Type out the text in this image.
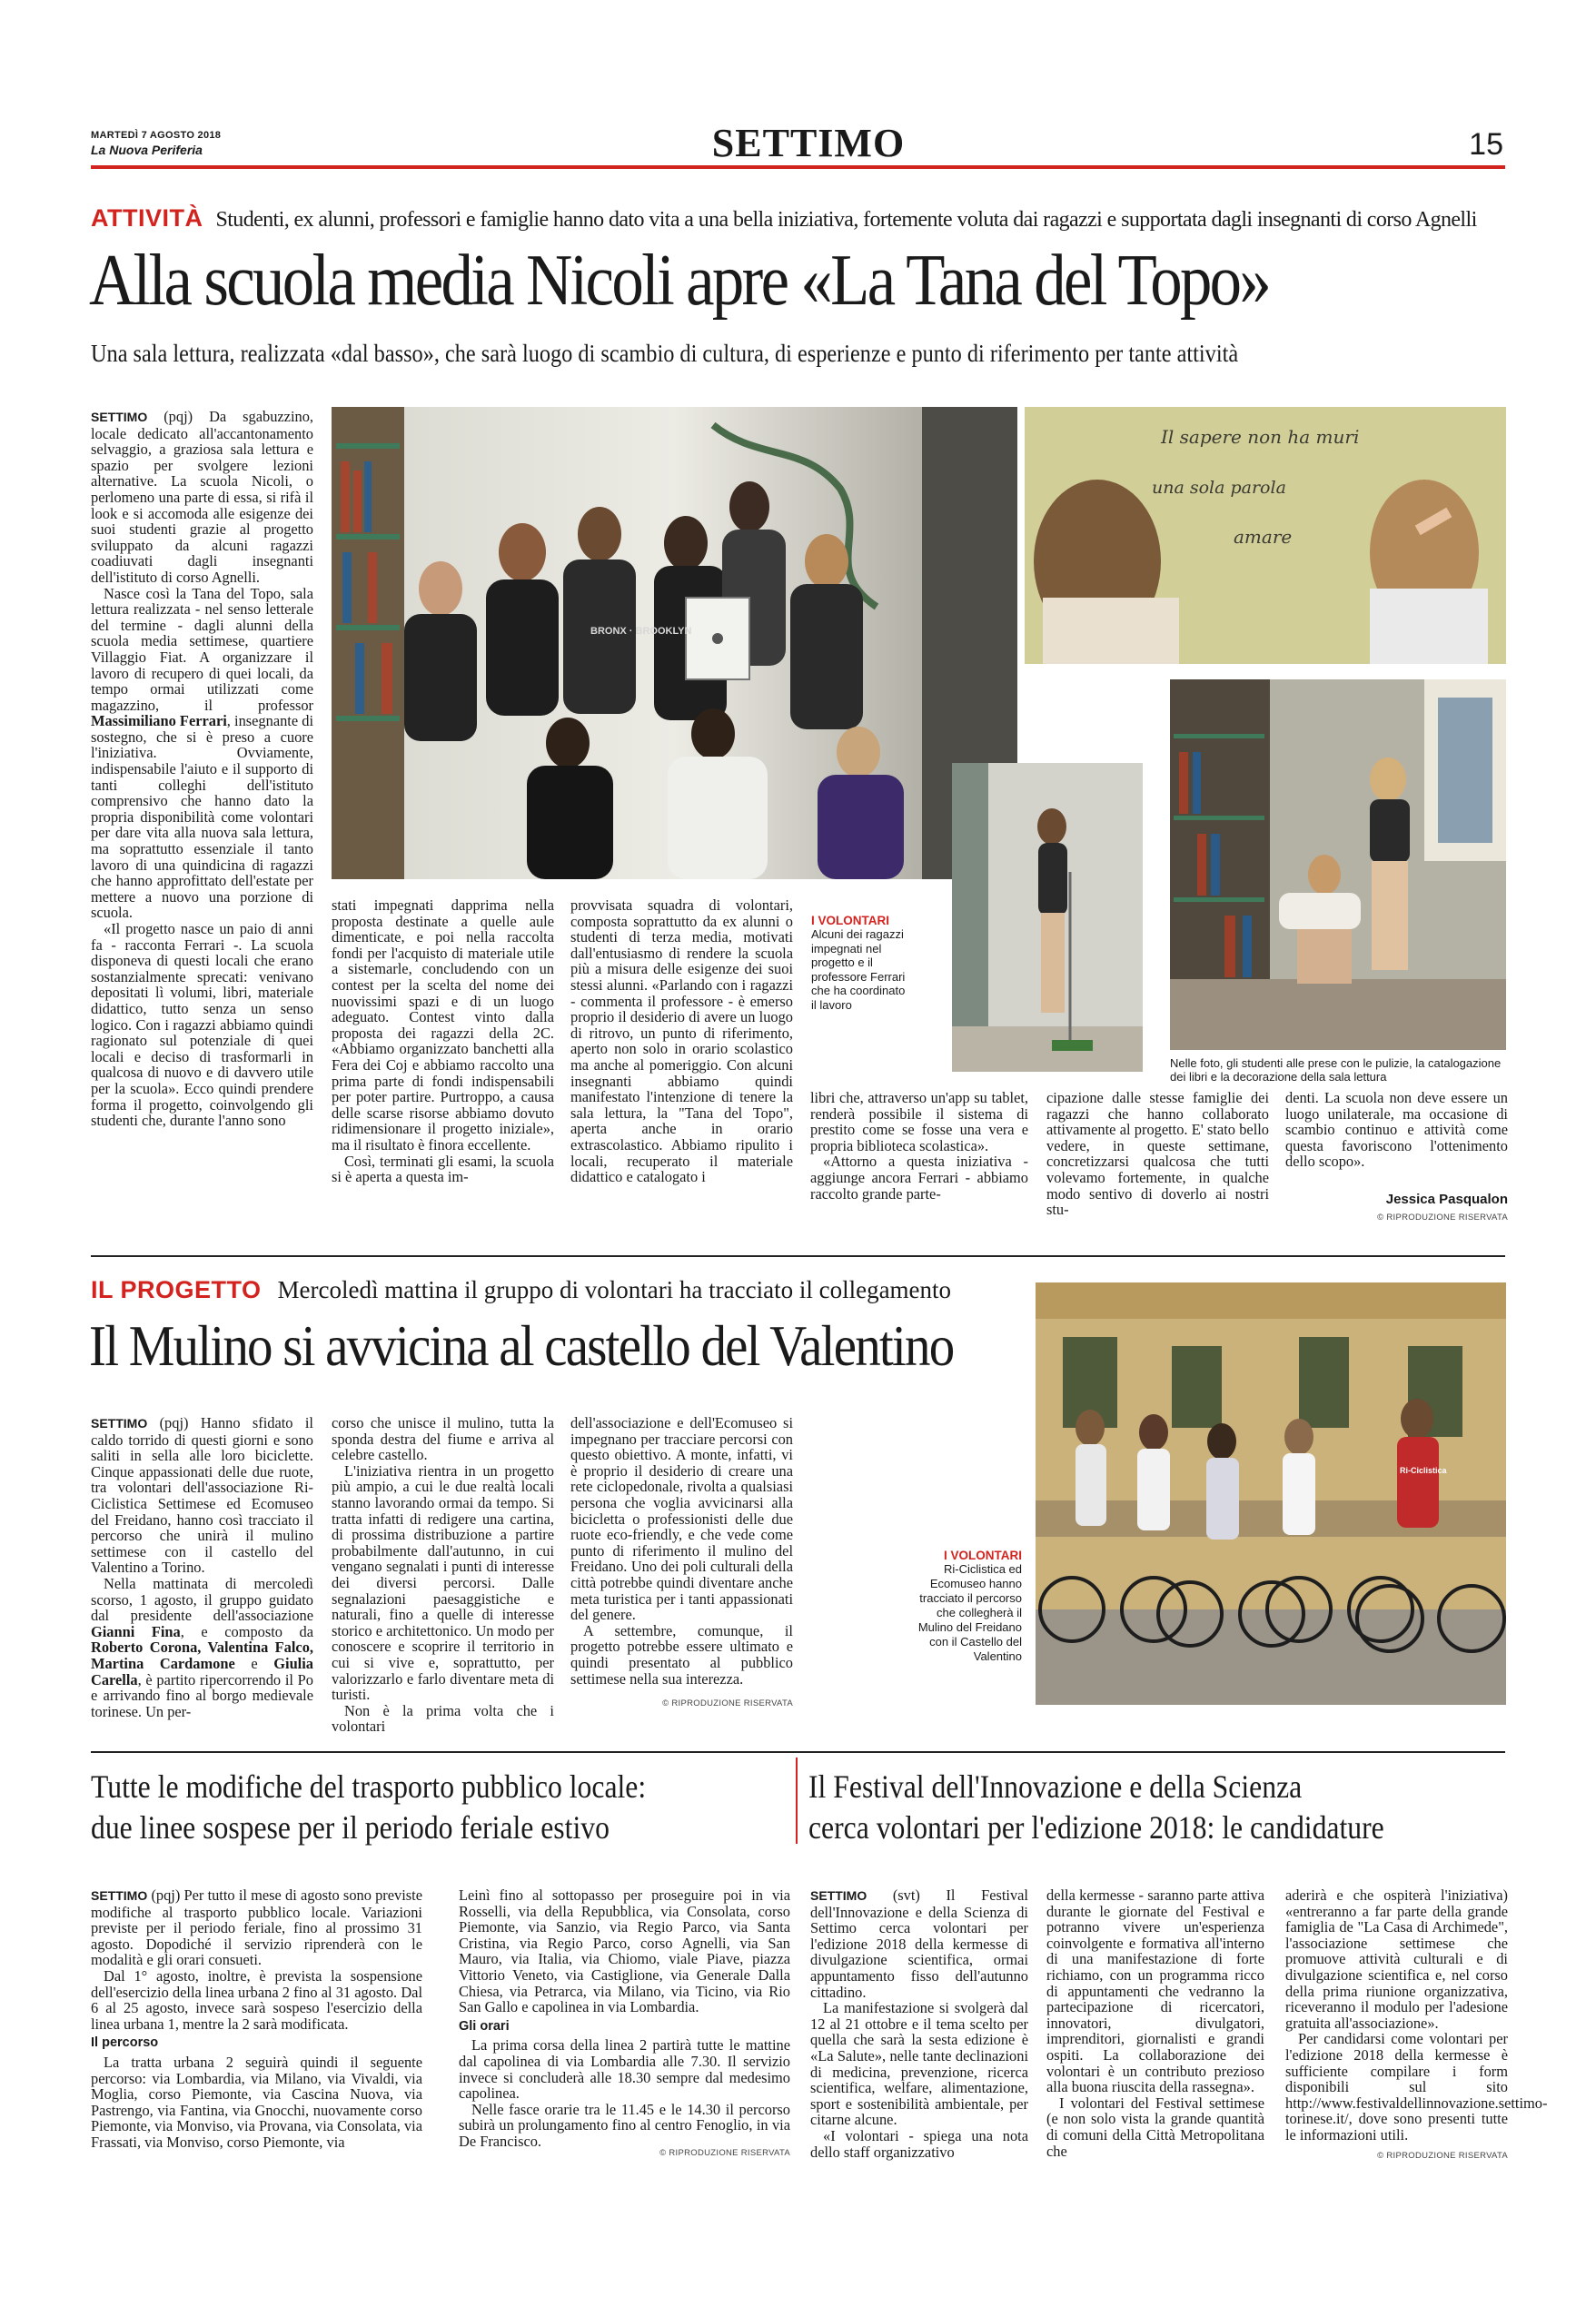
MARTEDÌ 7 AGOSTO 2018
La Nuova Periferia	SETTIMO	15
ATTIVITÀ Studenti, ex alunni, professori e famiglie hanno dato vita a una bella iniziativa, fortemente voluta dai ragazzi e supportata dagli insegnanti di corso Agnelli
Alla scuola media Nicoli apre «La Tana del Topo»
Una sala lettura, realizzata «dal basso», che sarà luogo di scambio di cultura, di esperienze e punto di riferimento per tante attività

SETTIMO (pqj) Da sgabuzzino, locale dedicato all'accantonamento selvaggio, a graziosa sala lettura e spazio per svolgere lezioni alternative. La scuola Nicoli, o perlomeno una parte di essa, si rifà il look e si accomoda alle esigenze dei suoi studenti grazie al progetto sviluppato da alcuni ragazzi coadiuvati dagli insegnanti dell'istituto di corso Agnelli.

Nasce così la Tana del Topo, sala lettura realizzata - nel senso letterale del termine - dagli alunni della scuola media settimese, quartiere Villaggio Fiat. A organizzare il lavoro di recupero di quei locali, da tempo ormai utilizzati come magazzino, il professor Massimiliano Ferrari, insegnante di sostegno, che si è preso a cuore l'iniziativa. Ovviamente, indispensabile l'aiuto e il supporto di tanti colleghi dell'istituto comprensivo che hanno dato la propria disponibilità come volontari per dare vita alla nuova sala lettura, ma soprattutto essenziale il tanto lavoro di una quindicina di ragazzi che hanno approfittato dell'estate per mettere a nuovo una porzione di scuola.

«Il progetto nasce un paio di anni fa - racconta Ferrari -. La scuola disponeva di questi locali che erano sostanzialmente sprecati: venivano depositati lì volumi, libri, materiale didattico, tutto senza un senso logico. Con i ragazzi abbiamo quindi ragionato sul potenziale di quei locali e deciso di trasformarli in qualcosa di nuovo e di davvero utile per la scuola». Ecco quindi prendere forma il progetto, coinvolgendo gli studenti che, durante l'anno sono

BRONX · BROOKLYN
Il sapere non ha muri
una sola parola
amare
I VOLONTARI
Alcuni dei ragazzi impegnati nel progetto e il professore Ferrari che ha coordinato il lavoro
Nelle foto, gli studenti alle prese con le pulizie, la catalogazione dei libri e la decorazione della sala lettura

stati impegnati dapprima nella proposta destinate a quelle aule dimenticate, e poi nella raccolta fondi per l'acquisto di materiale utile a sistemarle, concludendo con un contest per la scelta del nome dei nuovissimi spazi e di un luogo adeguato. Contest vinto dalla proposta dei ragazzi della 2C. «Abbiamo organizzato banchetti alla Fera dei Coj e abbiamo raccolto una prima parte di fondi indispensabili per poter partire. Purtroppo, a causa delle scarse risorse abbiamo dovuto ridimensionare il progetto iniziale», ma il risultato è finora eccellente.

Così, terminati gli esami, la scuola si è aperta a questa im-

provvisata squadra di volontari, composta soprattutto da ex alunni o studenti di terza media, motivati dall'entusiasmo di rendere la scuola più a misura delle esigenze dei suoi stessi alunni. «Parlando con i ragazzi - commenta il professore - è emerso proprio il desiderio di avere un luogo di ritrovo, un punto di riferimento, aperto non solo in orario scolastico ma anche al pomeriggio. Con alcuni insegnanti abbiamo quindi manifestato l'intenzione di tenere la sala lettura, la "Tana del Topo", aperta anche in orario extrascolastico. Abbiamo ripulito i locali, recuperato il materiale didattico e catalogato i

libri che, attraverso un'app su tablet, renderà possibile il sistema di prestito come se fosse una vera e propria biblioteca scolastica».

«Attorno a questa iniziativa - aggiunge ancora Ferrari - abbiamo raccolto grande parte-

cipazione dalle stesse famiglie dei ragazzi che hanno collaborato attivamente al progetto. E' stato bello vedere, in queste settimane, concretizzarsi qualcosa che tutti volevamo fortemente, in qualche modo sentivo di doverlo ai nostri stu-

denti. La scuola non deve essere un luogo unilaterale, ma occasione di scambio continuo e attività come questa favoriscono l'ottenimento dello scopo».

Jessica Pasqualon
© RIPRODUZIONE RISERVATA
IL PROGETTO Mercoledì mattina il gruppo di volontari ha tracciato il collegamento
Il Mulino si avvicina al castello del Valentino

SETTIMO (pqj) Hanno sfidato il caldo torrido di questi giorni e sono saliti in sella alle loro biciclette. Cinque appassionati delle due ruote, tra volontari dell'associazione Ri-Ciclistica Settimese ed Ecomuseo del Freidano, hanno così tracciato il percorso che unirà il mulino settimese con il castello del Valentino a Torino.

Nella mattinata di mercoledì scorso, 1 agosto, il gruppo guidato dal presidente dell'associazione Gianni Fina, e composto da Roberto Corona, Valentina Falco, Martina Cardamone e Giulia Carella, è partito ripercorrendo il Po e arrivando fino al borgo medievale torinese. Un per-

corso che unisce il mulino, tutta la sponda destra del fiume e arriva al celebre castello.

L'iniziativa rientra in un progetto più ampio, a cui le due realtà locali stanno lavorando ormai da tempo. Si tratta infatti di redigere una cartina, di prossima distribuzione a partire probabilmente dall'autunno, in cui vengano segnalati i punti di interesse dei diversi percorsi. Dalle segnalazioni paesaggistiche e naturali, fino a quelle di interesse storico e architettonico. Un modo per conoscere e scoprire il territorio in cui si vive e, soprattutto, per valorizzarlo e farlo diventare meta di turisti.

Non è la prima volta che i volontari

dell'associazione e dell'Ecomuseo si impegnano per tracciare percorsi con questo obiettivo. A monte, infatti, vi è proprio il desiderio di creare una rete ciclopedonale, rivolta a qualsiasi persona che voglia avvicinarsi alla bicicletta o professionisti delle due ruote eco-friendly, e che vede come punto di riferimento il mulino del Freidano. Uno dei poli culturali della città potrebbe quindi diventare anche meta turistica per i tanti appassionati del genere.

A settembre, comunque, il progetto potrebbe essere ultimato e quindi presentato al pubblico settimese nella sua interezza.

© RIPRODUZIONE RISERVATA
I VOLONTARI
Ri-Ciclistica ed Ecomuseo hanno tracciato il percorso che collegherà il Mulino del Freidano con il Castello del Valentino
Ri-Ciclistica
Tutte le modifiche del trasporto pubblico locale:
due linee sospese per il periodo feriale estivo

SETTIMO (pqj) Per tutto il mese di agosto sono previste modifiche al trasporto pubblico locale. Variazioni previste per il periodo feriale, fino al prossimo 31 agosto. Dopodiché il servizio riprenderà con le modalità e gli orari consueti.

Dal 1° agosto, inoltre, è prevista la sospensione dell'esercizio della linea urbana 2 fino al 31 agosto. Dal 6 al 25 agosto, invece sarà sospeso l'esercizio della linea urbana 1, mentre la 2 sarà modificata.

Il percorso

La tratta urbana 2 seguirà quindi il seguente percorso: via Lombardia, via Milano, via Vivaldi, via Moglia, corso Piemonte, via Cascina Nuova, via Pastrengo, via Fantina, via Gnocchi, nuovamente corso Piemonte, via Monviso, via Provana, via Consolata, via Frassati, via Monviso, corso Piemonte, via

Leinì fino al sottopasso per proseguire poi in via Rosselli, via della Repubblica, via Consolata, corso Piemonte, via Sanzio, via Regio Parco, via Santa Cristina, via Regio Parco, corso Agnelli, via San Mauro, via Italia, via Chiomo, viale Piave, piazza Vittorio Veneto, via Castiglione, via Generale Dalla Chiesa, via Petrarca, via Milano, via Ticino, via Rio San Gallo e capolinea in via Lombardia.

Gli orari

La prima corsa della linea 2 partirà tutte le mattine dal capolinea di via Lombardia alle 7.30. Il servizio invece si concluderà alle 18.30 sempre dal medesimo capolinea.

Nelle fasce orarie tra le 11.45 e le 14.30 il percorso subirà un prolungamento fino al centro Fenoglio, in via De Francisco.

© RIPRODUZIONE RISERVATA
Il Festival dell'Innovazione e della Scienza
cerca volontari per l'edizione 2018: le candidature

SETTIMO (svt) Il Festival dell'Innovazione e della Scienza di Settimo cerca volontari per l'edizione 2018 della kermesse di divulgazione scientifica, ormai appuntamento fisso dell'autunno cittadino.

La manifestazione si svolgerà dal 12 al 21 ottobre e il tema scelto per quella che sarà la sesta edizione è «La Salute», nelle tante declinazioni di medicina, prevenzione, ricerca scientifica, welfare, alimentazione, sport e sostenibilità ambientale, per citarne alcune.

«I volontari - spiega una nota dello staff organizzativo

della kermesse - saranno parte attiva durante le giornate del Festival e potranno vivere un'esperienza coinvolgente e formativa all'interno di una manifestazione di forte richiamo, con un programma ricco di appuntamenti che vedranno la partecipazione di ricercatori, innovatori, divulgatori, imprenditori, giornalisti e grandi ospiti. La collaborazione dei volontari è un contributo prezioso alla buona riuscita della rassegna».

I volontari del Festival settimese (e non solo vista la grande quantità di comuni della Città Metropolitana che

aderirà e che ospiterà l'iniziativa) «entreranno a far parte della grande famiglia de "La Casa di Archimede", l'associazione settimese che promuove attività culturali e di divulgazione scientifica e, nel corso della prima riunione organizzativa, riceveranno il modulo per l'adesione gratuita all'associazione».

Per candidarsi come volontari per l'edizione 2018 della kermesse è sufficiente compilare i form disponibili sul sito http://www.festivaldellinnovazione.settimo-torinese.it/, dove sono presenti tutte le informazioni utili.

© RIPRODUZIONE RISERVATA
